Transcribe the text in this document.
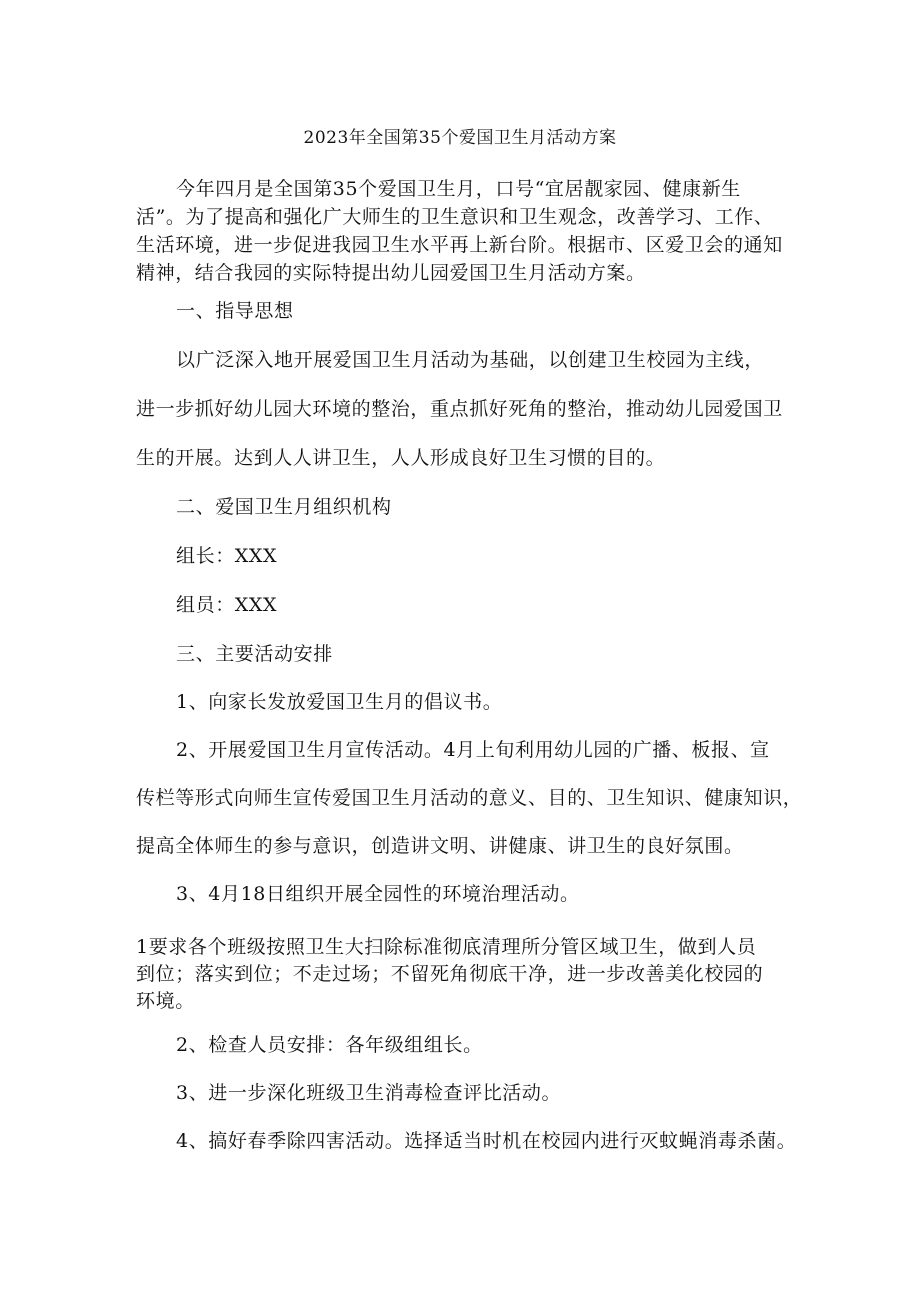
2023年全国第35个爱国卫生月活动方案
今年四月是全国第35个爱国卫生月，口号“宜居靓家园、健康新生
活”。为了提高和强化广大师生的卫生意识和卫生观念，改善学习、工作、
生活环境，进一步促进我园卫生水平再上新台阶。根据市、区爱卫会的通知
精神，结合我园的实际特提出幼儿园爱国卫生月活动方案。
一、指导思想
以广泛深入地开展爱国卫生月活动为基础，以创建卫生校园为主线，
进一步抓好幼儿园大环境的整治，重点抓好死角的整治，推动幼儿园爱国卫
生的开展。达到人人讲卫生，人人形成良好卫生习惯的目的。
二、爱国卫生月组织机构
组长：XXX
组员：XXX
三、主要活动安排
1、向家长发放爱国卫生月的倡议书。
2、开展爱国卫生月宣传活动。4月上旬利用幼儿园的广播、板报、宣
传栏等形式向师生宣传爱国卫生月活动的意义、目的、卫生知识、健康知识，
提高全体师生的参与意识，创造讲文明、讲健康、讲卫生的良好氛围。
3、4月18日组织开展全园性的环境治理活动。
1要求各个班级按照卫生大扫除标准彻底清理所分管区域卫生，做到人员
到位；落实到位；不走过场；不留死角彻底干净，进一步改善美化校园的
环境。
2、检查人员安排：各年级组组长。
3、进一步深化班级卫生消毒检查评比活动。
4、搞好春季除四害活动。选择适当时机在校园内进行灭蚊蝇消毒杀菌。
